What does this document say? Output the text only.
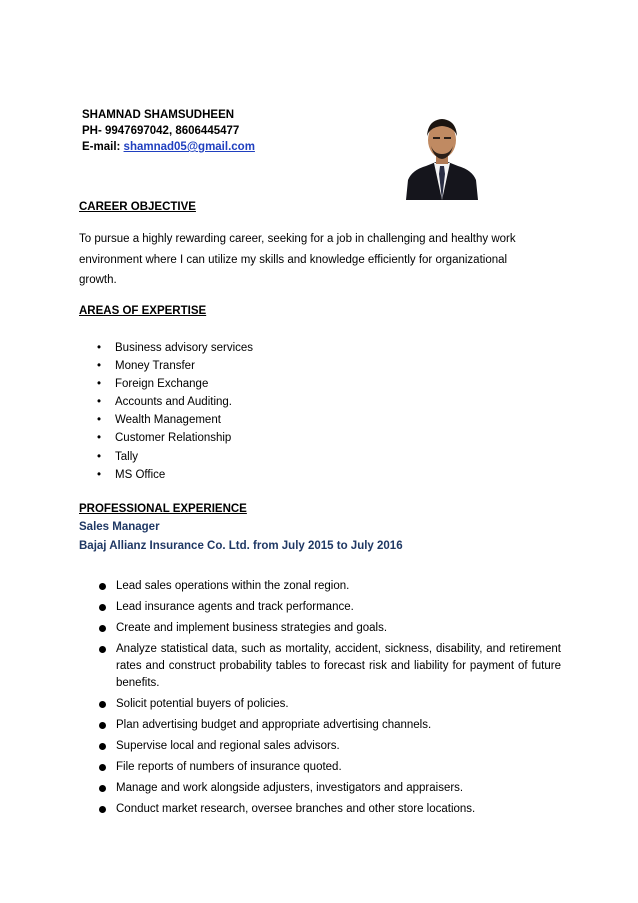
SHAMNAD SHAMSUDHEEN
PH- 9947697042, 8606445477
E-mail: shamnad05@gmail.com
CAREER OBJECTIVE
To pursue a highly rewarding career, seeking for a job in challenging and healthy work
environment where I can utilize my skills and knowledge efficiently for organizational
growth.
AREAS OF EXPERTISE
• Business advisory services
• Money Transfer
• Foreign Exchange
• Accounts and Auditing.
• Wealth Management
• Customer Relationship
• Tally
• MS Office
PROFESSIONAL EXPERIENCE
Sales Manager
Bajaj Allianz Insurance Co. Ltd. from July 2015 to July 2016
Lead sales operations within the zonal region.
Lead insurance agents and track performance.
Create and implement business strategies and goals.
Analyze statistical data, such as mortality, accident, sickness, disability, and retirement rates and construct probability tables to forecast risk and liability for payment of future benefits.
Solicit potential buyers of policies.
Plan advertising budget and appropriate advertising channels.
Supervise local and regional sales advisors.
File reports of numbers of insurance quoted.
Manage and work alongside adjusters, investigators and appraisers.
Conduct market research, oversee branches and other store locations.
